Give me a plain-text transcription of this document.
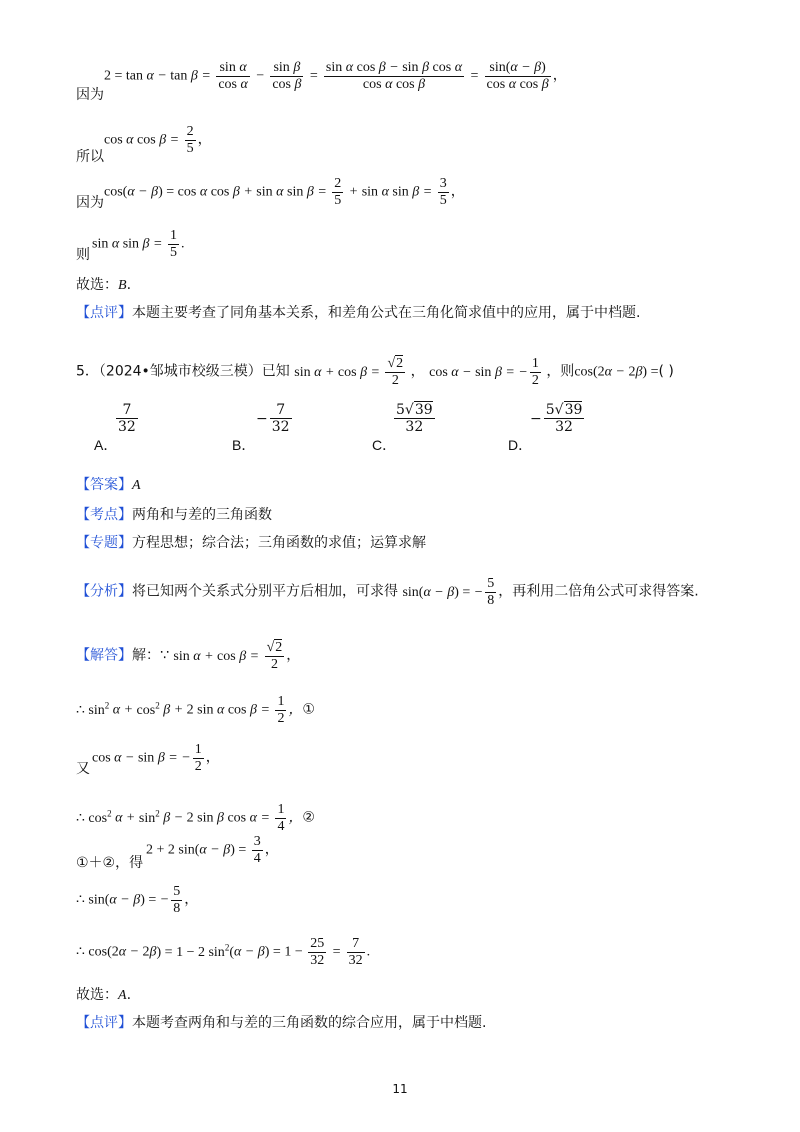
$2 = \tan \alpha - \tan \beta = \frac{\text{sin α}}{\text{cos α}} - \frac{\text{sin β}}{\text{cos β}} = \frac{\text{sin α cos β − sin β cos α}}{\text{cos α cos β}} = \frac{\sin(\alpha - \beta)}{\text{cos α cos β}}$ ，
因为
cos α $\cos \beta = \frac{2}{5}$ ，
所以
cos(α − β) = cos α cos β + sin α $\sin \beta = \frac{2}{5} + \sin \alpha$ $\sin \beta = \frac{3}{5}$ ，
因为
sin α $\sin \beta = \frac{1}{5}$ .
则
故选：B.
【点评】本题主要考查了同角基本关系，和差角公式在三角化简求值中的应用，属于中档题.
5．（2024•邹城市校级三模）已知 $\sin \alpha + \cos \beta = \frac{√2}{2}$ ， cos α − sin β = − $\frac{1}{2}$ ，则cos(2α − 2β) =( )
$\frac{7}{32}$

A．
− $\frac{7}{32}$

B．
$\frac{5√39}{32}$

C．
− $\frac{5√39}{32}$

D．
【答案】A
【考点】两角和与差的三角函数
【专题】方程思想；综合法；三角函数的求值；运算求解
【分析】将已知两个关系式分别平方后相加，可求得 sin(α − β) = − $\frac{5}{8}$ ，再利用二倍角公式可求得答案.
【解答】解：∵ $\sin \alpha + \cos \beta = \frac{√2}{2}$ ，
∴ $\sin^2 \alpha + \cos^2 \beta + 2$ sin α $\cos \beta = \frac{1}{2}$ ，①
cos α − sin β = − $\frac{1}{2}$ ，
又
∴ $\cos^2 \alpha + \sin^2 \beta - 2$ sin β $\cos \alpha = \frac{1}{4}$ ，②
2 + 2 $\sin(\alpha - \beta) = \frac{3}{4}$ ，
①＋②，得
∴ sin(α − β) = − $\frac{5}{8}$ ，
∴ cos(2α − 2β) = 1 − 2 $\sin^2(\alpha - \beta) = 1 - \frac{25}{32} = \frac{7}{32}$ .
故选：A.
【点评】本题考查两角和与差的三角函数的综合应用，属于中档题.
11
